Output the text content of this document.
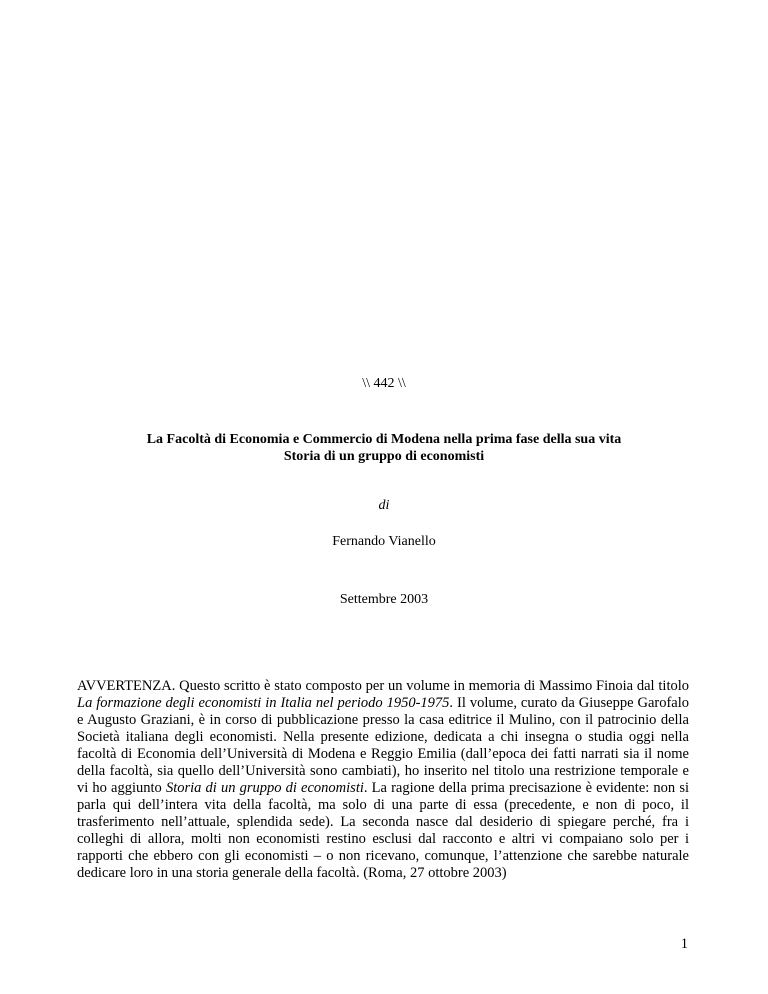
\\ 442 \\
La Facoltà di Economia e Commercio di Modena nella prima fase della sua vita
Storia di un gruppo di economisti
di
Fernando Vianello
Settembre 2003

AVVERTENZA. Questo scritto è stato composto per un volume in memoria di Massimo Finoia dal titolo La formazione degli economisti in Italia nel periodo 1950-1975. Il volume, curato da Giuseppe Garofalo e Augusto Graziani, è in corso di pubblicazione presso la casa editrice il Mulino, con il patrocinio della Società italiana degli economisti. Nella presente edizione, dedicata a chi insegna o studia oggi nella facoltà di Economia dell’Università di Modena e Reggio Emilia (dall’epoca dei fatti narrati sia il nome della facoltà, sia quello dell’Università sono cambiati), ho inserito nel titolo una restrizione temporale e vi ho aggiunto Storia di un gruppo di economisti. La ragione della prima precisazione è evidente: non si parla qui dell’intera vita della facoltà, ma solo di una parte di essa (precedente, e non di poco, il trasferimento nell’attuale, splendida sede). La seconda nasce dal desiderio di spiegare perché, fra i colleghi di allora, molti non economisti restino esclusi dal racconto e altri vi compaiano solo per i rapporti che ebbero con gli economisti – o non ricevano, comunque, l’attenzione che sarebbe naturale dedicare loro in una storia generale della facoltà. (Roma, 27 ottobre 2003)

1
